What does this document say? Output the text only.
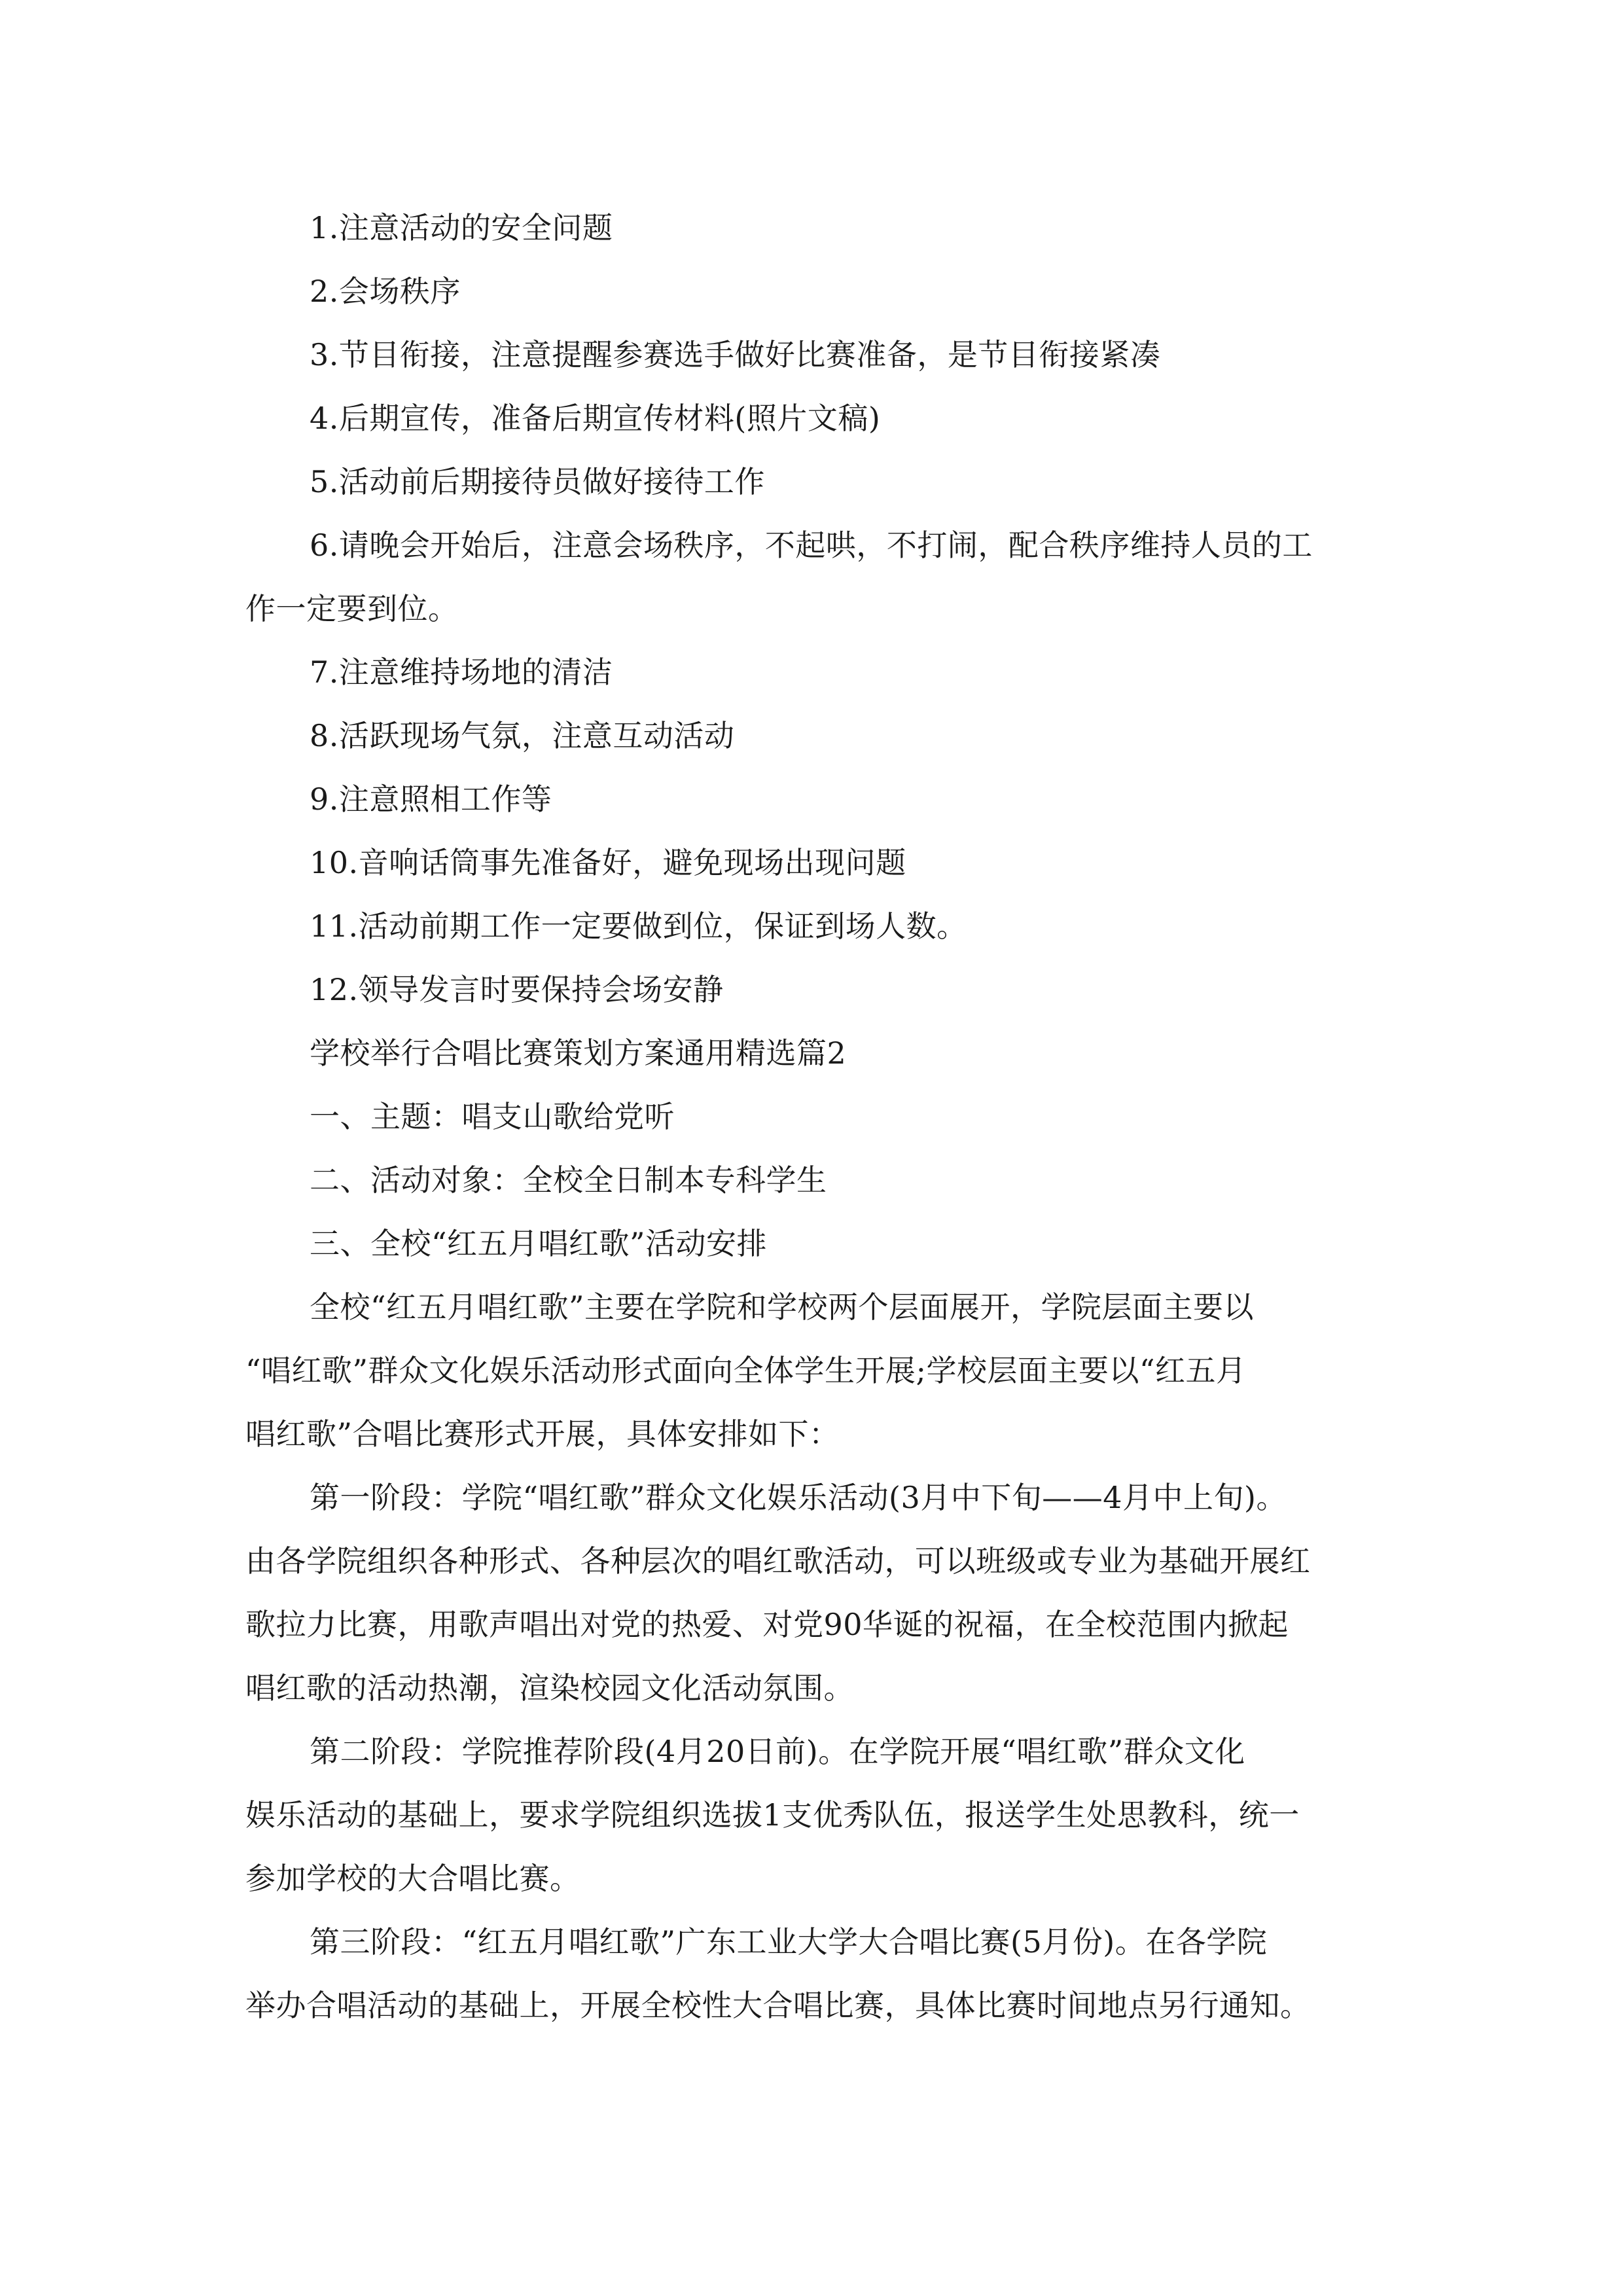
1.注意活动的安全问题
2.会场秩序
3.节目衔接，注意提醒参赛选手做好比赛准备，是节目衔接紧凑
4.后期宣传，准备后期宣传材料(照片文稿)
5.活动前后期接待员做好接待工作
6.请晚会开始后，注意会场秩序，不起哄，不打闹，配合秩序维持人员的工
作一定要到位。
7.注意维持场地的清洁
8.活跃现场气氛，注意互动活动
9.注意照相工作等
10.音响话筒事先准备好，避免现场出现问题
11.活动前期工作一定要做到位，保证到场人数。
12.领导发言时要保持会场安静
学校举行合唱比赛策划方案通用精选篇2
一、主题：唱支山歌给党听
二、活动对象：全校全日制本专科学生
三、全校“红五月唱红歌”活动安排
全校“红五月唱红歌”主要在学院和学校两个层面展开，学院层面主要以
“唱红歌”群众文化娱乐活动形式面向全体学生开展;学校层面主要以“红五月
唱红歌”合唱比赛形式开展，具体安排如下：
第一阶段：学院“唱红歌”群众文化娱乐活动(3月中下旬——4月中上旬)。
由各学院组织各种形式、各种层次的唱红歌活动，可以班级或专业为基础开展红
歌拉力比赛，用歌声唱出对党的热爱、对党90华诞的祝福，在全校范围内掀起
唱红歌的活动热潮，渲染校园文化活动氛围。
第二阶段：学院推荐阶段(4月20日前)。在学院开展“唱红歌”群众文化
娱乐活动的基础上，要求学院组织选拔1支优秀队伍，报送学生处思教科，统一
参加学校的大合唱比赛。
第三阶段：“红五月唱红歌”广东工业大学大合唱比赛(5月份)。在各学院
举办合唱活动的基础上，开展全校性大合唱比赛，具体比赛时间地点另行通知。
